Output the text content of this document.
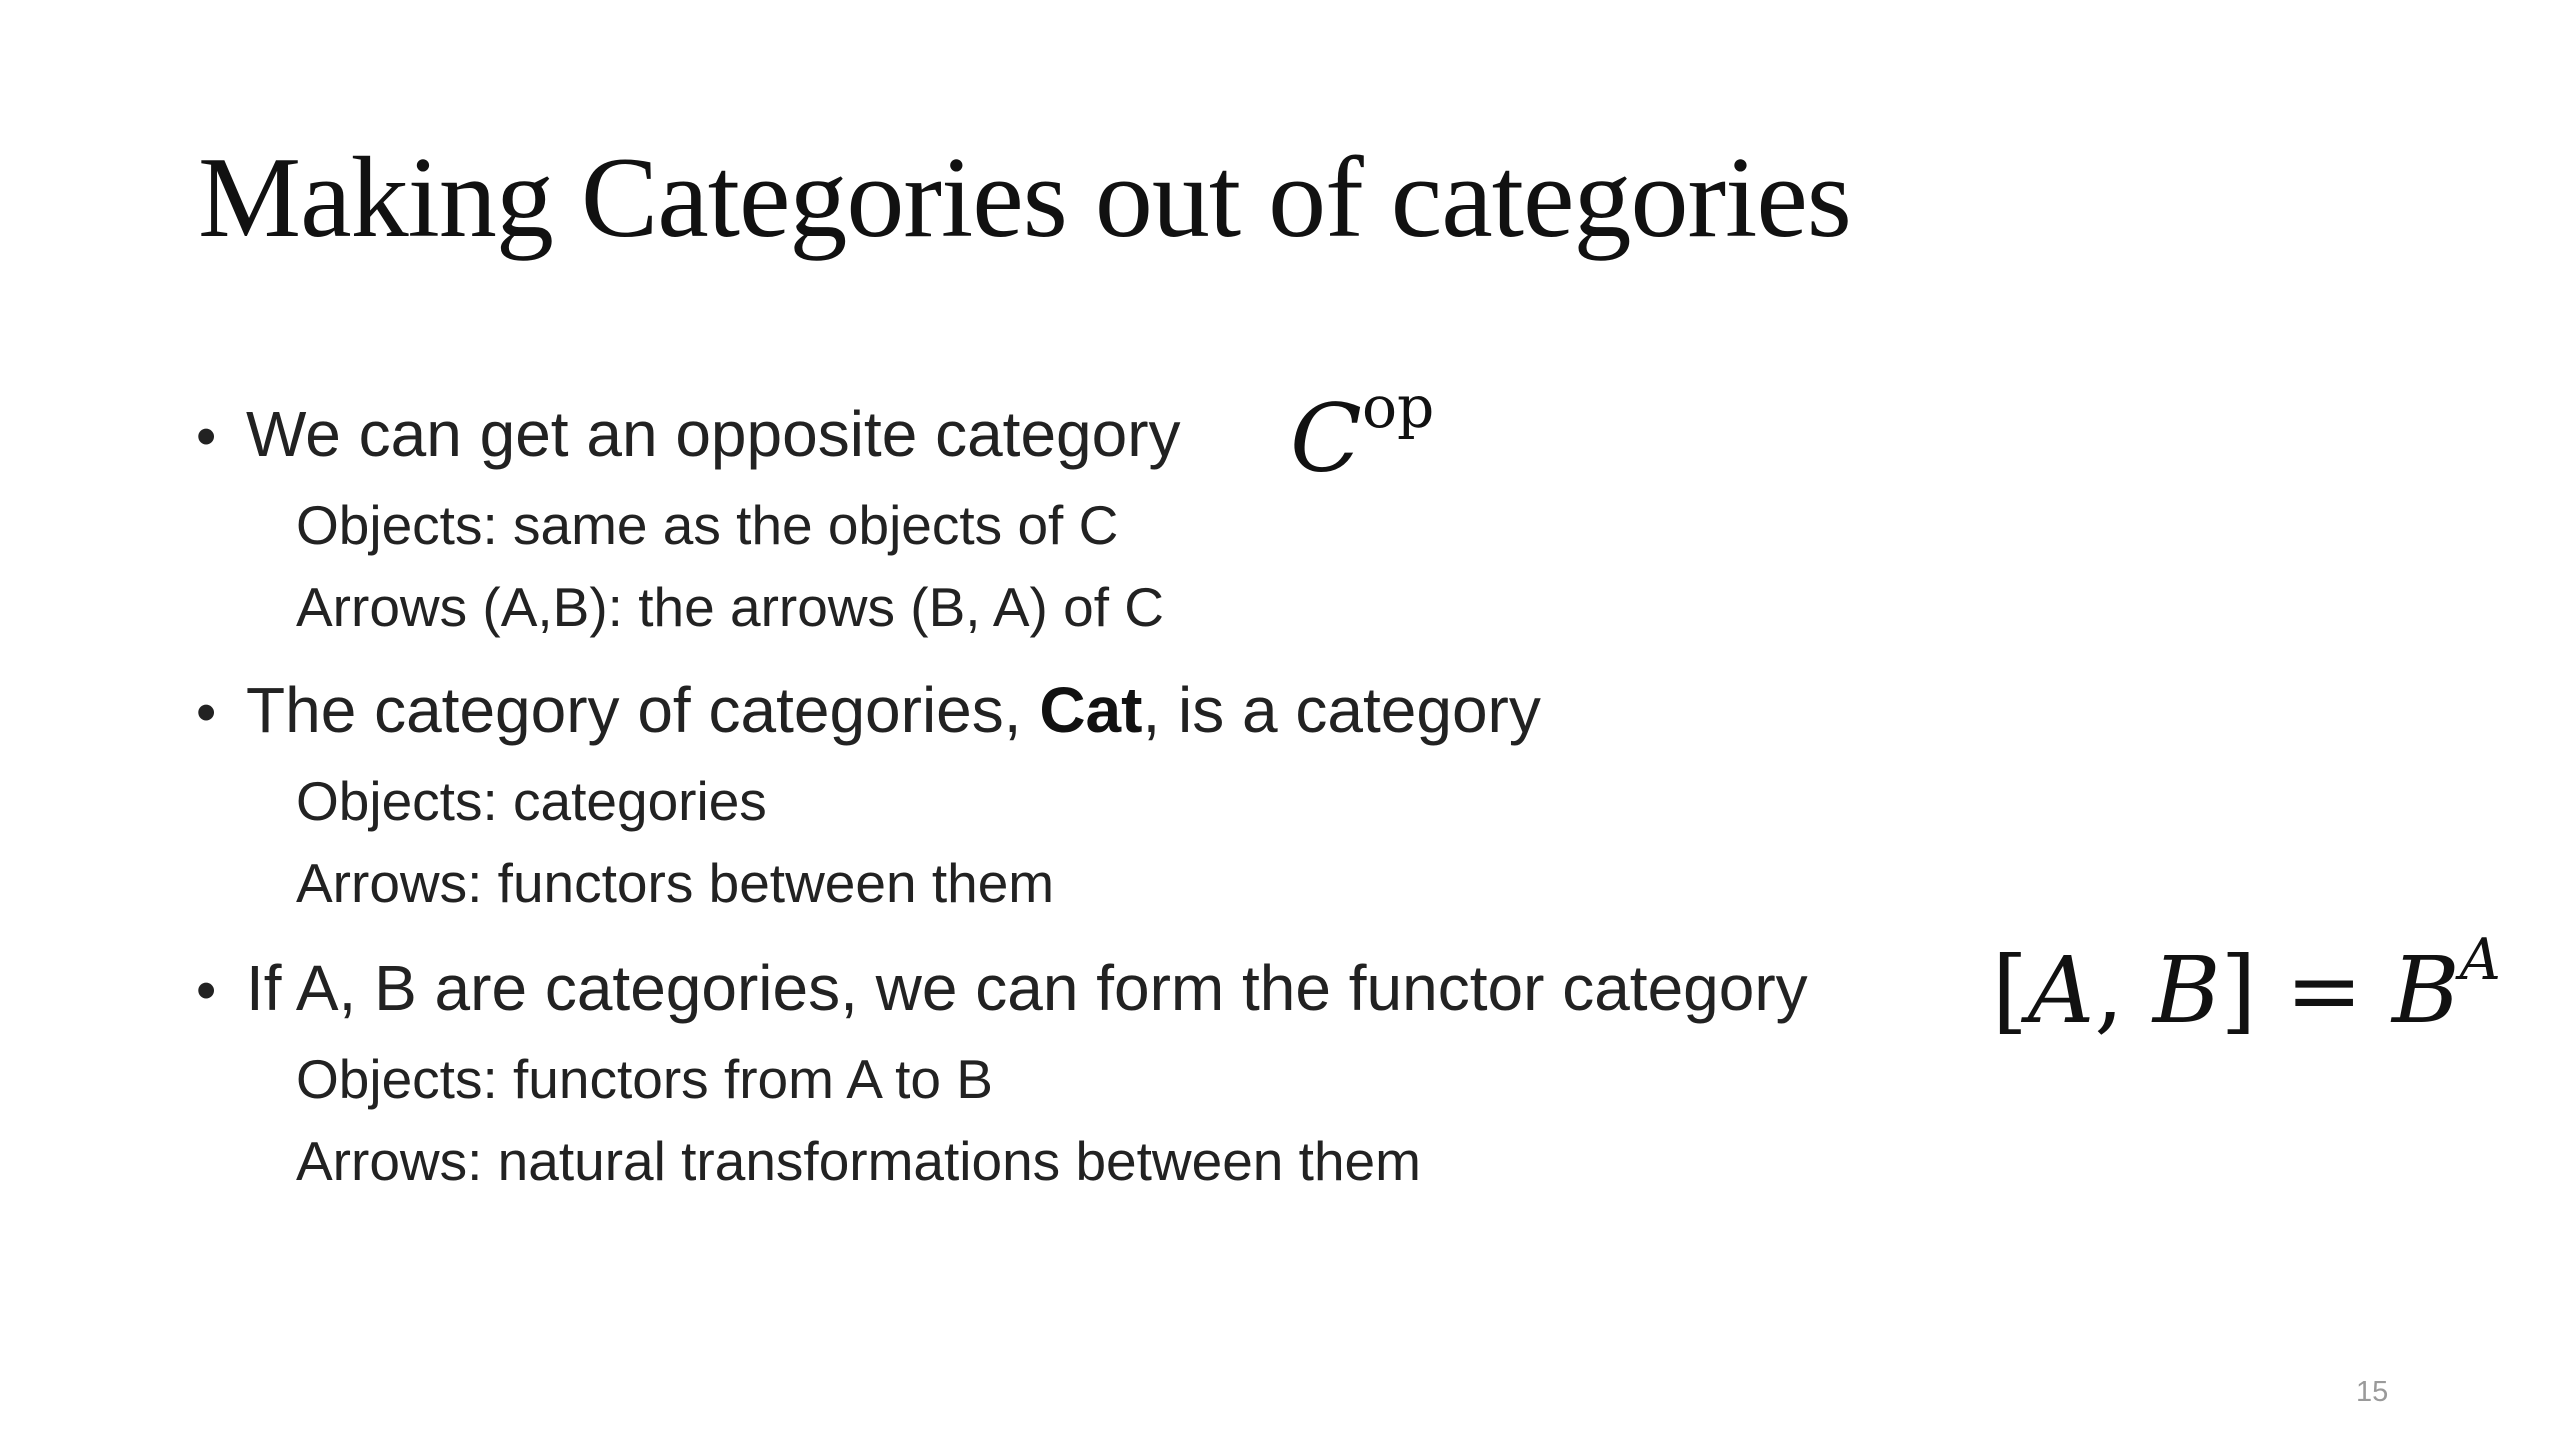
Making Categories out of categories
• We can get an opposite category $C^{op}$
Objects: same as the objects of C
Arrows (A,B): the arrows (B, A) of C
• The category of categories, Cat, is a category
Objects: categories
Arrows: functors between them
• If A, B are categories, we can form the functor category [A, $B] = B^A$
Objects: functors from A to B
Arrows: natural transformations between them
15
